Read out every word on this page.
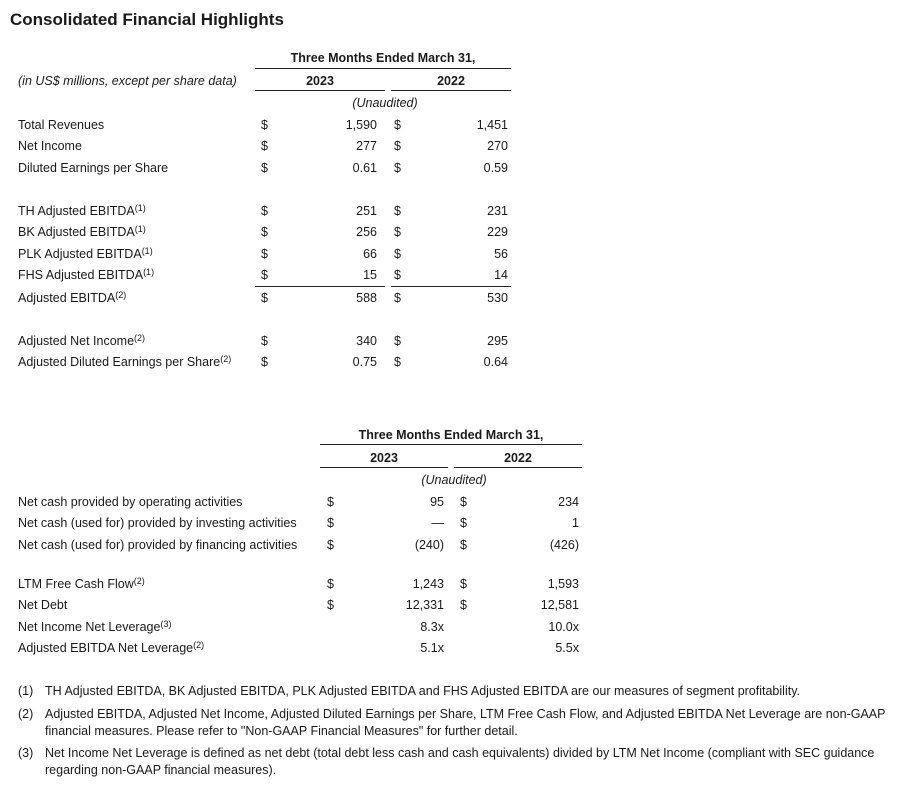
Consolidated Financial Highlights
Three Months Ended March 31,
(in US$ millions, except per share data)	2023	2022
(Unaudited)
Total Revenues	$	1,590 $	1,451
Net Income	$	277 $	270
Diluted Earnings per Share	$	0.61 $	0.59
TH Adjusted EBITDA$^{(1)}$	$	251 $	231
BK Adjusted EBITDA$^{(1)}$	$	256 $	229
PLK Adjusted EBITDA$^{(1)}$	$	66 $	56
FHS Adjusted EBITDA$^{(1)}$	$	15 $	14
Adjusted EBITDA$^{(2)}$	$	588 $	530
Adjusted Net Income$^{(2)}$	$	340 $	295
Adjusted Diluted Earnings per Share$^{(2)}$ $	0.75 $	0.64
Three Months Ended March 31,
2023	2022
(Unaudited)
Net cash provided by operating activities	$	95 $	234
Net cash (used for) provided by investing activities $	— $	1
Net cash (used for) provided by financing activities $	(240) $	(426)
LTM Free Cash Flow$^{(2)}$	$	1,243 $	1,593
Net Debt	$	12,331 $	12,581
Net Income Net Leverage$^{(3)}$	8.3x	10.0x
Adjusted EBITDA Net Leverage$^{(2)}$	5.1x	5.5x
(1) TH Adjusted EBITDA, BK Adjusted EBITDA, PLK Adjusted EBITDA and FHS Adjusted EBITDA are our measures of segment profitability.
(2) Adjusted EBITDA, Adjusted Net Income, Adjusted Diluted Earnings per Share, LTM Free Cash Flow, and Adjusted EBITDA Net Leverage are non-GAAP financial measures. Please refer to "Non-GAAP Financial Measures" for further detail.
(3) Net Income Net Leverage is defined as net debt (total debt less cash and cash equivalents) divided by LTM Net Income (compliant with SEC guidance regarding non-GAAP financial measures).
